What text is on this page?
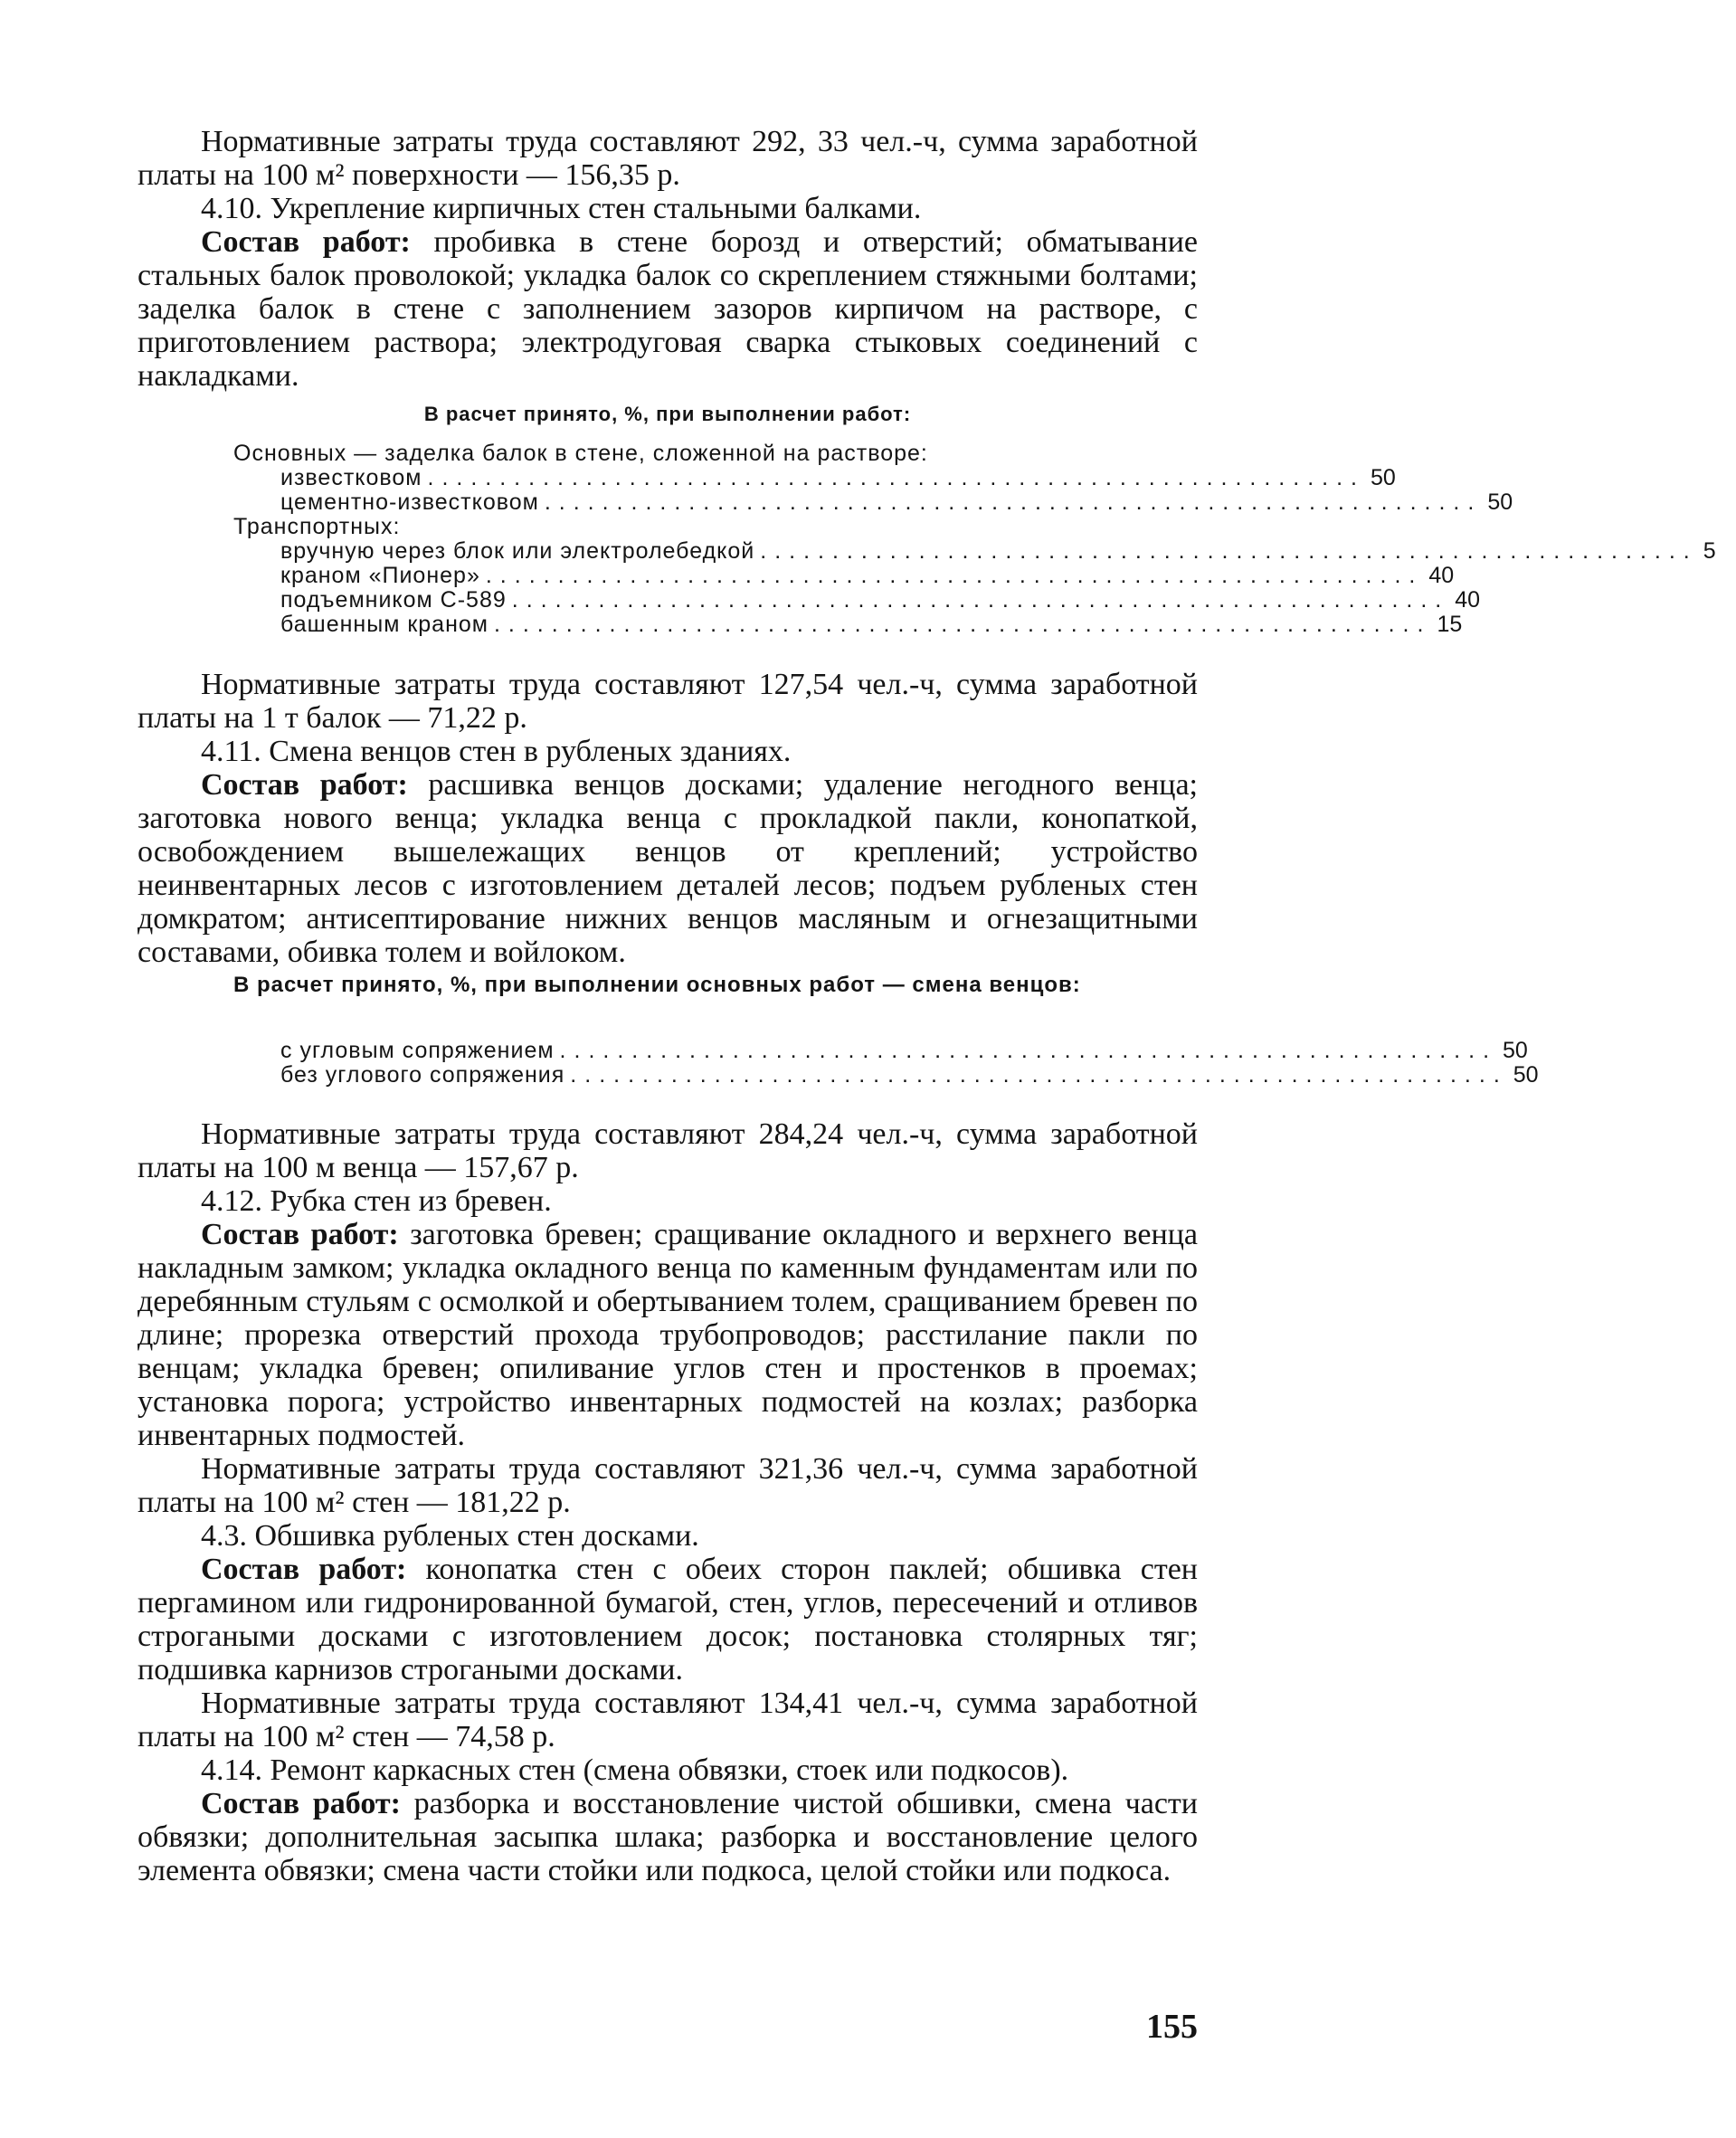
Нормативные затраты труда составляют 292, 33 чел.-ч, сумма заработной платы на 100 м² поверхности — 156,35 р.

4.10. Укрепление кирпичных стен стальными балками.

Состав работ: пробивка в стене борозд и отверстий; обматывание стальных балок проволокой; укладка балок со скреплением стяжными болтами; заделка балок в стене с заполнением зазоров кирпичом на растворе, с приготовлением раствора; электродуговая сварка стыковых соединений с накладками.

В расчет принято, %, при выполнении работ:

Основных — заделка балок в стене, сложенной на растворе:

известковом ................................................................. 50
цементно-известковом ................................................................. 50

Транспортных:

вручную через блок или электролебедкой ................................................................. 5
краном «Пионер» ................................................................. 40
подъемником С-589 ................................................................. 40
башенным краном ................................................................. 15

Нормативные затраты труда составляют 127,54 чел.-ч, сумма заработной платы на 1 т балок — 71,22 р.

4.11. Смена венцов стен в рубленых зданиях.

Состав работ: расшивка венцов досками; удаление негодного венца; заготовка нового венца; укладка венца с прокладкой пакли, конопаткой, освобождением вышележащих венцов от креплений; устройство неинвентарных лесов с изготовлением деталей лесов; подъем рубленых стен домкратом; антисептирование нижних венцов масляным и огнезащитными составами, обивка толем и войлоком.

В расчет принято, %, при выполнении основных работ — смена венцов:

с угловым сопряжением ................................................................. 50
без углового сопряжения ................................................................. 50

Нормативные затраты труда составляют 284,24 чел.-ч, сумма заработной платы на 100 м венца — 157,67 р.

4.12. Рубка стен из бревен.

Состав работ: заготовка бревен; сращивание окладного и верхнего венца накладным замком; укладка окладного венца по каменным фундаментам или по деребянным стульям с осмолкой и обертыванием толем, сращиванием бревен по длине; прорезка отверстий прохода трубопроводов; расстилание пакли по венцам; укладка бревен; опиливание углов стен и простенков в проемах; установка порога; устройство инвентарных подмостей на козлах; разборка инвентарных подмостей.

Нормативные затраты труда составляют 321,36 чел.-ч, сумма заработной платы на 100 м² стен — 181,22 р.

4.3. Обшивка рубленых стен досками.

Состав работ: конопатка стен с обеих сторон паклей; обшивка стен пергамином или гидронированной бумагой, стен, углов, пересечений и отливов строгаными досками с изготовлением досок; постановка столярных тяг; подшивка карнизов строгаными досками.

Нормативные затраты труда составляют 134,41 чел.-ч, сумма заработной платы на 100 м² стен — 74,58 р.

4.14. Ремонт каркасных стен (смена обвязки, стоек или подкосов).

Состав работ: разборка и восстановление чистой обшивки, смена части обвязки; дополнительная засыпка шлака; разборка и восстановление целого элемента обвязки; смена части стойки или подкоса, целой стойки или подкоса.

155
